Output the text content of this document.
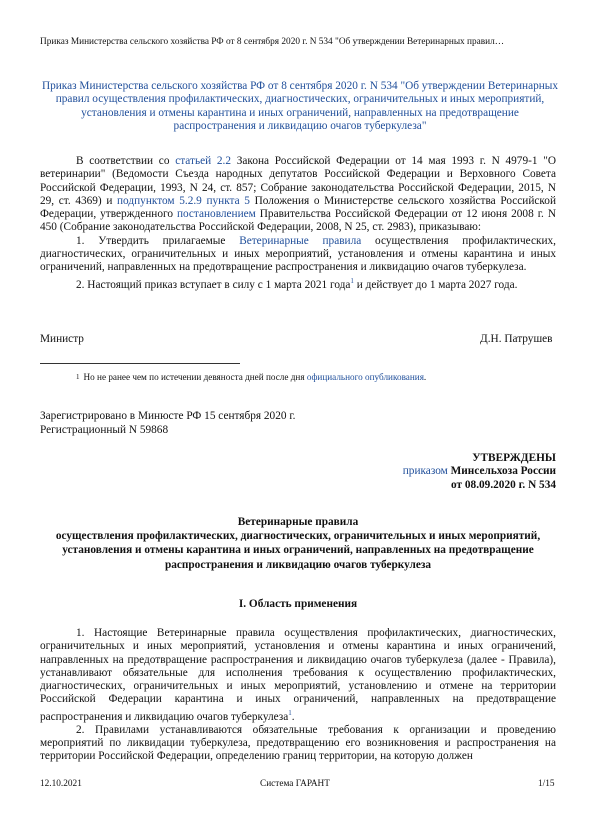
Приказ Министерства сельского хозяйства РФ от 8 сентября 2020 г. N 534 "Об утверждении Ветеринарных правил…
Приказ Министерства сельского хозяйства РФ от 8 сентября 2020 г. N 534 "Об утверждении Ветеринарных правил осуществления профилактических, диагностических, ограничительных и иных мероприятий, установления и отмены карантина и иных ограничений, направленных на предотвращение распространения и ликвидацию очагов туберкулеза"

В соответствии со статьей 2.2 Закона Российской Федерации от 14 мая 1993 г. N 4979-1 "О ветеринарии" (Ведомости Съезда народных депутатов Российской Федерации и Верховного Совета Российской Федерации, 1993, N 24, ст. 857; Собрание законодательства Российской Федерации, 2015, N 29, ст. 4369) и подпунктом 5.2.9 пункта 5 Положения о Министерстве сельского хозяйства Российской Федерации, утвержденного постановлением Правительства Российской Федерации от 12 июня 2008 г. N 450 (Собрание законодательства Российской Федерации, 2008, N 25, ст. 2983), приказываю:

1. Утвердить прилагаемые Ветеринарные правила осуществления профилактических, диагностических, ограничительных и иных мероприятий, установления и отмены карантина и иных ограничений, направленных на предотвращение распространения и ликвидацию очагов туберкулеза.

2. Настоящий приказ вступает в силу с 1 марта 2021 года$^1$ и действует до 1 марта 2027 года.

Министр	Д.Н. Патрушев
$^1$ Но не ранее чем по истечении девяноста дней после дня официального опубликования.
Зарегистрировано в Минюсте РФ 15 сентября 2020 г.
Регистрационный N 59868
УТВЕРЖДЕНЫ
приказом Минсельхоза России
от 08.09.2020 г. N 534
Ветеринарные правила
осуществления профилактических, диагностических, ограничительных и иных мероприятий, установления и отмены карантина и иных ограничений, направленных на предотвращение распространения и ликвидацию очагов туберкулеза
I. Область применения

1. Настоящие Ветеринарные правила осуществления профилактических, диагностических, ограничительных и иных мероприятий, установления и отмены карантина и иных ограничений, направленных на предотвращение распространения и ликвидацию очагов туберкулеза (далее - Правила), устанавливают обязательные для исполнения требования к осуществлению профилактических, диагностических, ограничительных и иных мероприятий, установлению и отмене на территории Российской Федерации карантина и иных ограничений, направленных на предотвращение распространения и ликвидацию очагов туберкулеза$^1$.

2. Правилами устанавливаются обязательные требования к организации и проведению мероприятий по ликвидации туберкулеза, предотвращению его возникновения и распространения на территории Российской Федерации, определению границ территории, на которую должен

12.10.2021	Система ГАРАНТ	1/15
